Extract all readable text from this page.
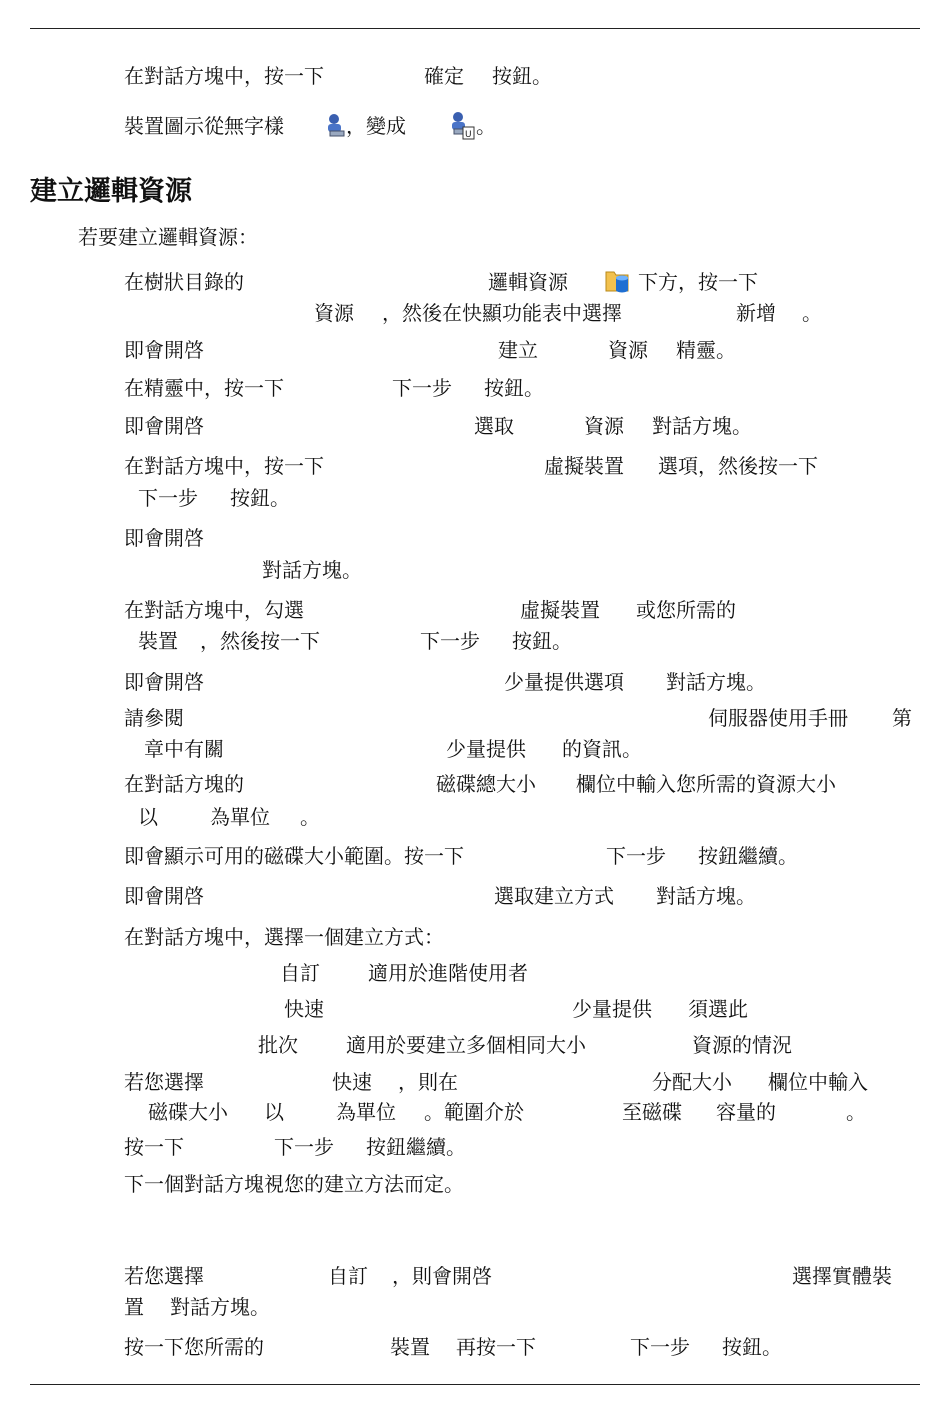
在對話方塊中，按一下	確定 按鈕。
裝置圖示從無字樣	，變成	U 。
建立邏輯資源
若要建立邏輯資源：
在樹狀目錄的	邏輯資源	下方，按一下
資源 ，然後在快顯功能表中選擇	新增 。
即會開啓	建立	資源 精靈。
在精靈中，按一下	下一步 按鈕。
即會開啓	選取	資源 對話方塊。
在對話方塊中，按一下	虛擬裝置 選項，然後按一下
下一步 按鈕。
即會開啓
對話方塊。
在對話方塊中，勾選	虛擬裝置 或您所需的
裝置 ，然後按一下	下一步 按鈕。
即會開啓	少量提供選項 對話方塊。
請參閱	伺服器使用手冊 第
章中有關	少量提供 的資訊。
在對話方塊的	磁碟總大小 欄位中輸入您所需的資源大小
以	為單位 。
即會顯示可用的磁碟大小範圍。按一下	下一步 按鈕繼續。
即會開啓	選取建立方式 對話方塊。
在對話方塊中，選擇一個建立方式：
自訂 適用於進階使用者
快速	少量提供 須選此
批次 適用於要建立多個相同大小	資源的情況
若您選擇	快速 ，則在	分配大小 欄位中輸入
磁碟大小 以	為單位 。範圍介於	至磁碟 容量的	。
按一下	下一步 按鈕繼續。
下一個對話方塊視您的建立方法而定。
若您選擇	自訂 ，則會開啓	選擇實體裝
置 對話方塊。
按一下您所需的	裝置 再按一下	下一步 按鈕。
